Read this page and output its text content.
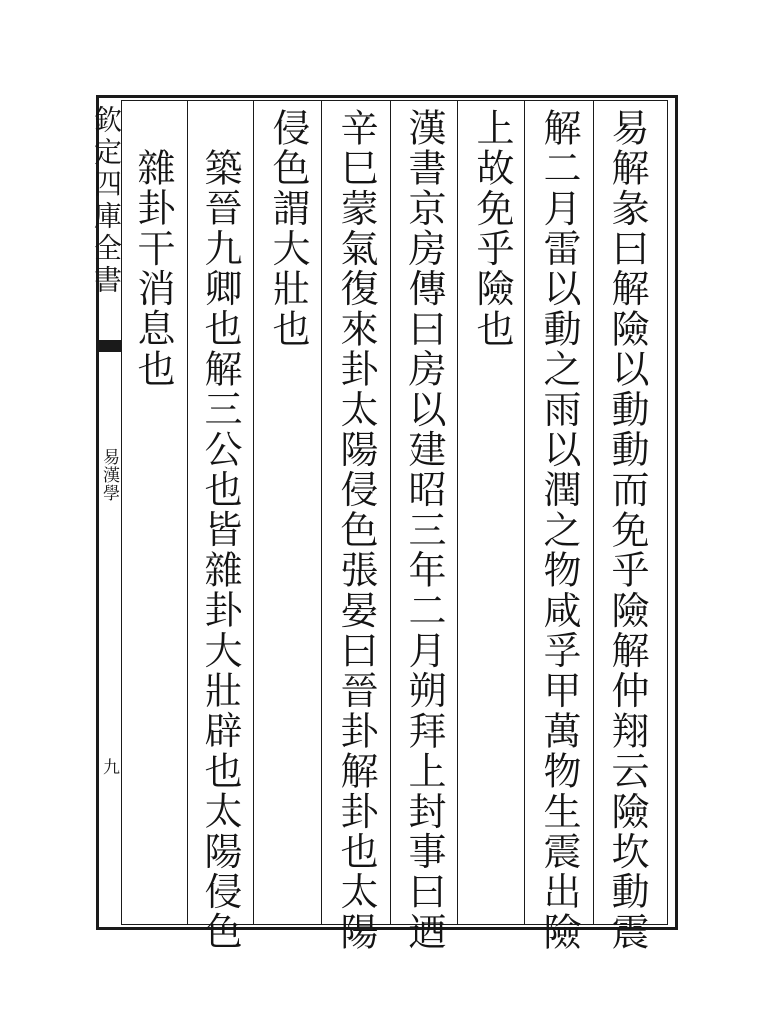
欽定四庫全書
易漢學
九	易解彖曰解險以動動而免乎險解仲翔云險坎動震
解二月雷以動之雨以潤之物咸孚甲萬物生震出險
上故免乎險也
漢書京房傳曰房以建昭三年二月朔拜上封事曰迺
辛巳蒙氣復來卦太陽侵色張晏曰晉卦解卦也太陽
侵色謂大壯也
築晉九卿也解三公也皆雜卦大壯辟也太陽侵色
雜卦干消息也
